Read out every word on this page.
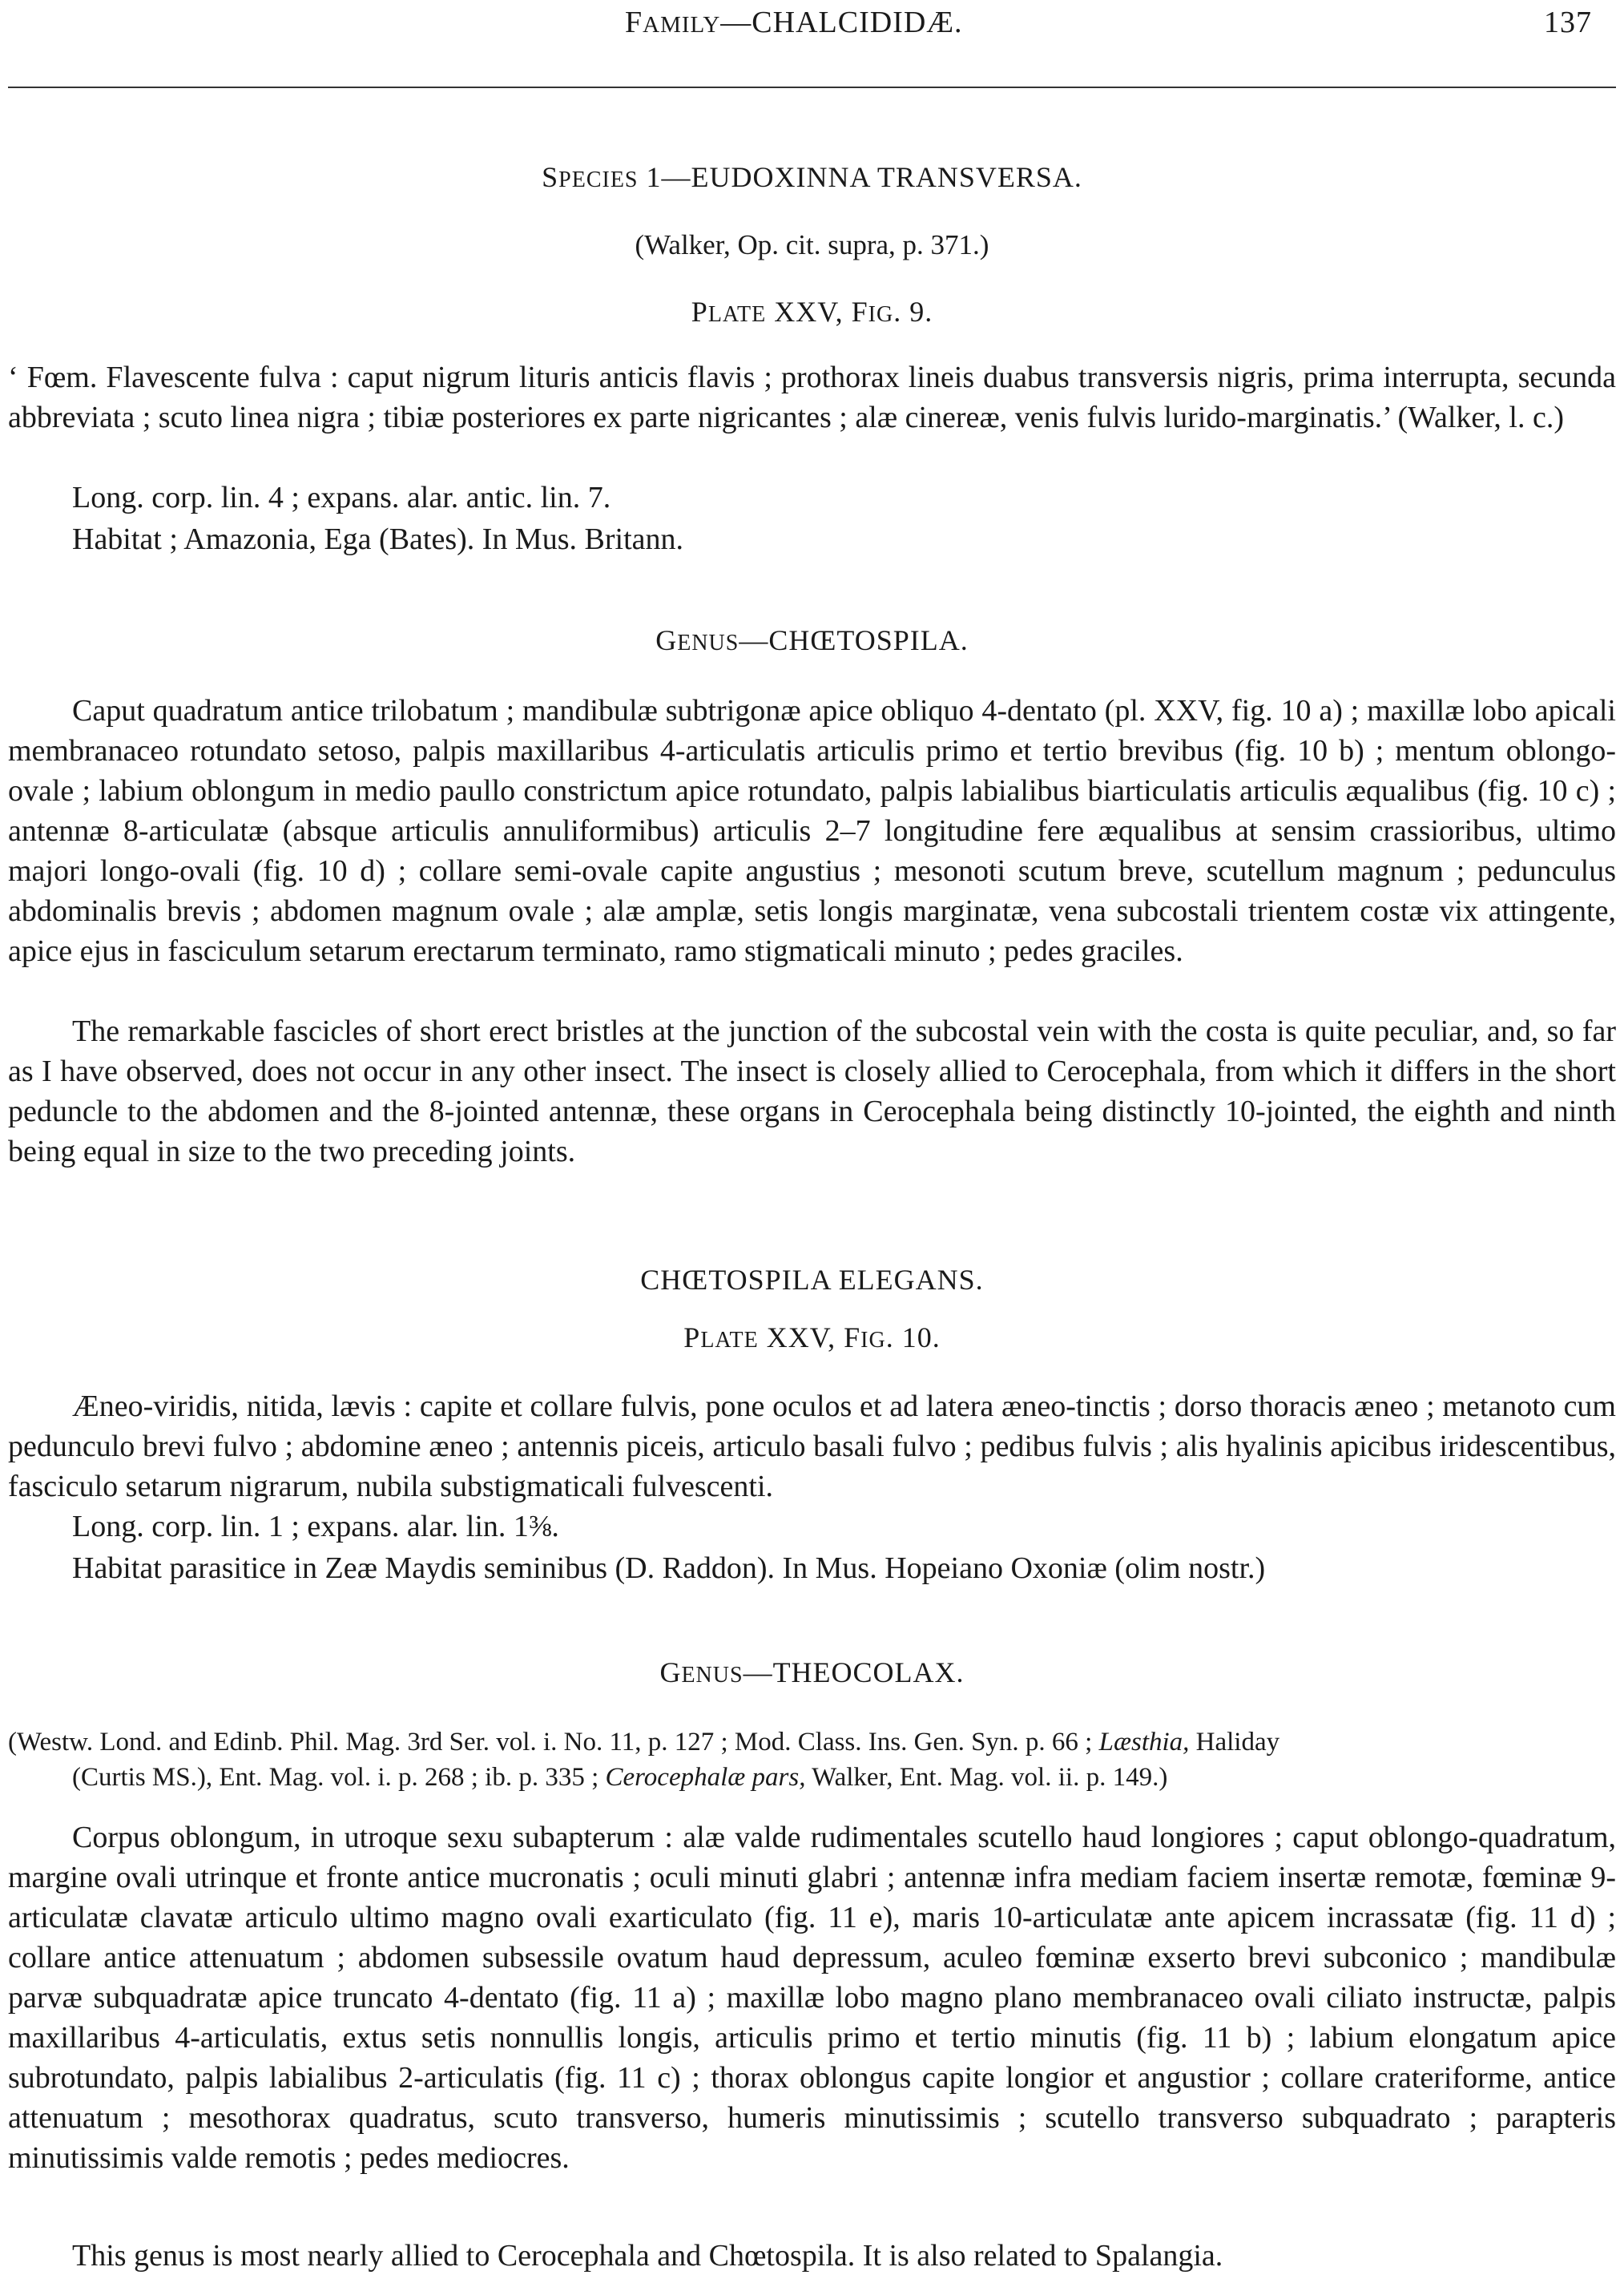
FAMILY—CHALCIDIDÆ.	137
SPECIES 1—EUDOXINNA TRANSVERSA.
(Walker, Op. cit. supra, p. 371.)
PLATE XXV, FIG. 9.
‘ Fœm. Flavescente fulva : caput nigrum lituris anticis flavis ; prothorax lineis duabus transversis nigris, prima interrupta, secunda abbreviata ; scuto linea nigra ; tibiæ posteriores ex parte nigricantes ; alæ cinereæ, venis fulvis lurido-marginatis.’ (Walker, l. c.)
Long. corp. lin. 4 ; expans. alar. antic. lin. 7.
Habitat ; Amazonia, Ega (Bates). In Mus. Britann.
GENUS—CHŒTOSPILA.
Caput quadratum antice trilobatum ; mandibulæ subtrigonæ apice obliquo 4-dentato (pl. XXV, fig. 10 a) ; maxillæ lobo apicali membranaceo rotundato setoso, palpis maxillaribus 4-articulatis articulis primo et tertio brevibus (fig. 10 b) ; mentum oblongo-ovale ; labium oblongum in medio paullo constrictum apice rotundato, palpis labialibus biarticulatis articulis æqualibus (fig. 10 c) ; antennæ 8-articulatæ (absque articulis annuliformibus) articulis 2–7 longitudine fere æqualibus at sensim crassioribus, ultimo majori longo-ovali (fig. 10 d) ; collare semi-ovale capite angustius ; mesonoti scutum breve, scutellum magnum ; pedunculus abdominalis brevis ; abdomen magnum ovale ; alæ amplæ, setis longis marginatæ, vena subcostali trientem costæ vix attingente, apice ejus in fasciculum setarum erectarum terminato, ramo stigmaticali minuto ; pedes graciles.
The remarkable fascicles of short erect bristles at the junction of the subcostal vein with the costa is quite peculiar, and, so far as I have observed, does not occur in any other insect. The insect is closely allied to Cerocephala, from which it differs in the short peduncle to the abdomen and the 8-jointed antennæ, these organs in Cerocephala being distinctly 10-jointed, the eighth and ninth being equal in size to the two preceding joints.
CHŒTOSPILA ELEGANS.
PLATE XXV, FIG. 10.
Æneo-viridis, nitida, lævis : capite et collare fulvis, pone oculos et ad latera æneo-tinctis ; dorso thoracis æneo ; metanoto cum pedunculo brevi fulvo ; abdomine æneo ; antennis piceis, articulo basali fulvo ; pedibus fulvis ; alis hyalinis apicibus iridescentibus, fasciculo setarum nigrarum, nubila substigmaticali fulvescenti.
Long. corp. lin. 1 ; expans. alar. lin. 1⅜.
Habitat parasitice in Zeæ Maydis seminibus (D. Raddon). In Mus. Hopeiano Oxoniæ (olim nostr.)
GENUS—THEOCOLAX.
(Westw. Lond. and Edinb. Phil. Mag. 3rd Ser. vol. i. No. 11, p. 127 ; Mod. Class. Ins. Gen. Syn. p. 66 ; Læsthia, Haliday
(Curtis MS.), Ent. Mag. vol. i. p. 268 ; ib. p. 335 ; Cerocephalæ pars, Walker, Ent. Mag. vol. ii. p. 149.)
Corpus oblongum, in utroque sexu subapterum : alæ valde rudimentales scutello haud longiores ; caput oblongo-quadratum, margine ovali utrinque et fronte antice mucronatis ; oculi minuti glabri ; antennæ infra mediam faciem insertæ remotæ, fœminæ 9-articulatæ clavatæ articulo ultimo magno ovali exarticulato (fig. 11 e), maris 10-articulatæ ante apicem incrassatæ (fig. 11 d) ; collare antice attenuatum ; abdomen subsessile ovatum haud depressum, aculeo fœminæ exserto brevi subconico ; mandibulæ parvæ subquadratæ apice truncato 4-dentato (fig. 11 a) ; maxillæ lobo magno plano membranaceo ovali ciliato instructæ, palpis maxillaribus 4-articulatis, extus setis nonnullis longis, articulis primo et tertio minutis (fig. 11 b) ; labium elongatum apice subrotundato, palpis labialibus 2-articulatis (fig. 11 c) ; thorax oblongus capite longior et angustior ; collare crateriforme, antice attenuatum ; mesothorax quadratus, scuto transverso, humeris minutissimis ; scutello transverso subquadrato ; parapteris minutissimis valde remotis ; pedes mediocres.
This genus is most nearly allied to Cerocephala and Chœtospila. It is also related to Spalangia.
